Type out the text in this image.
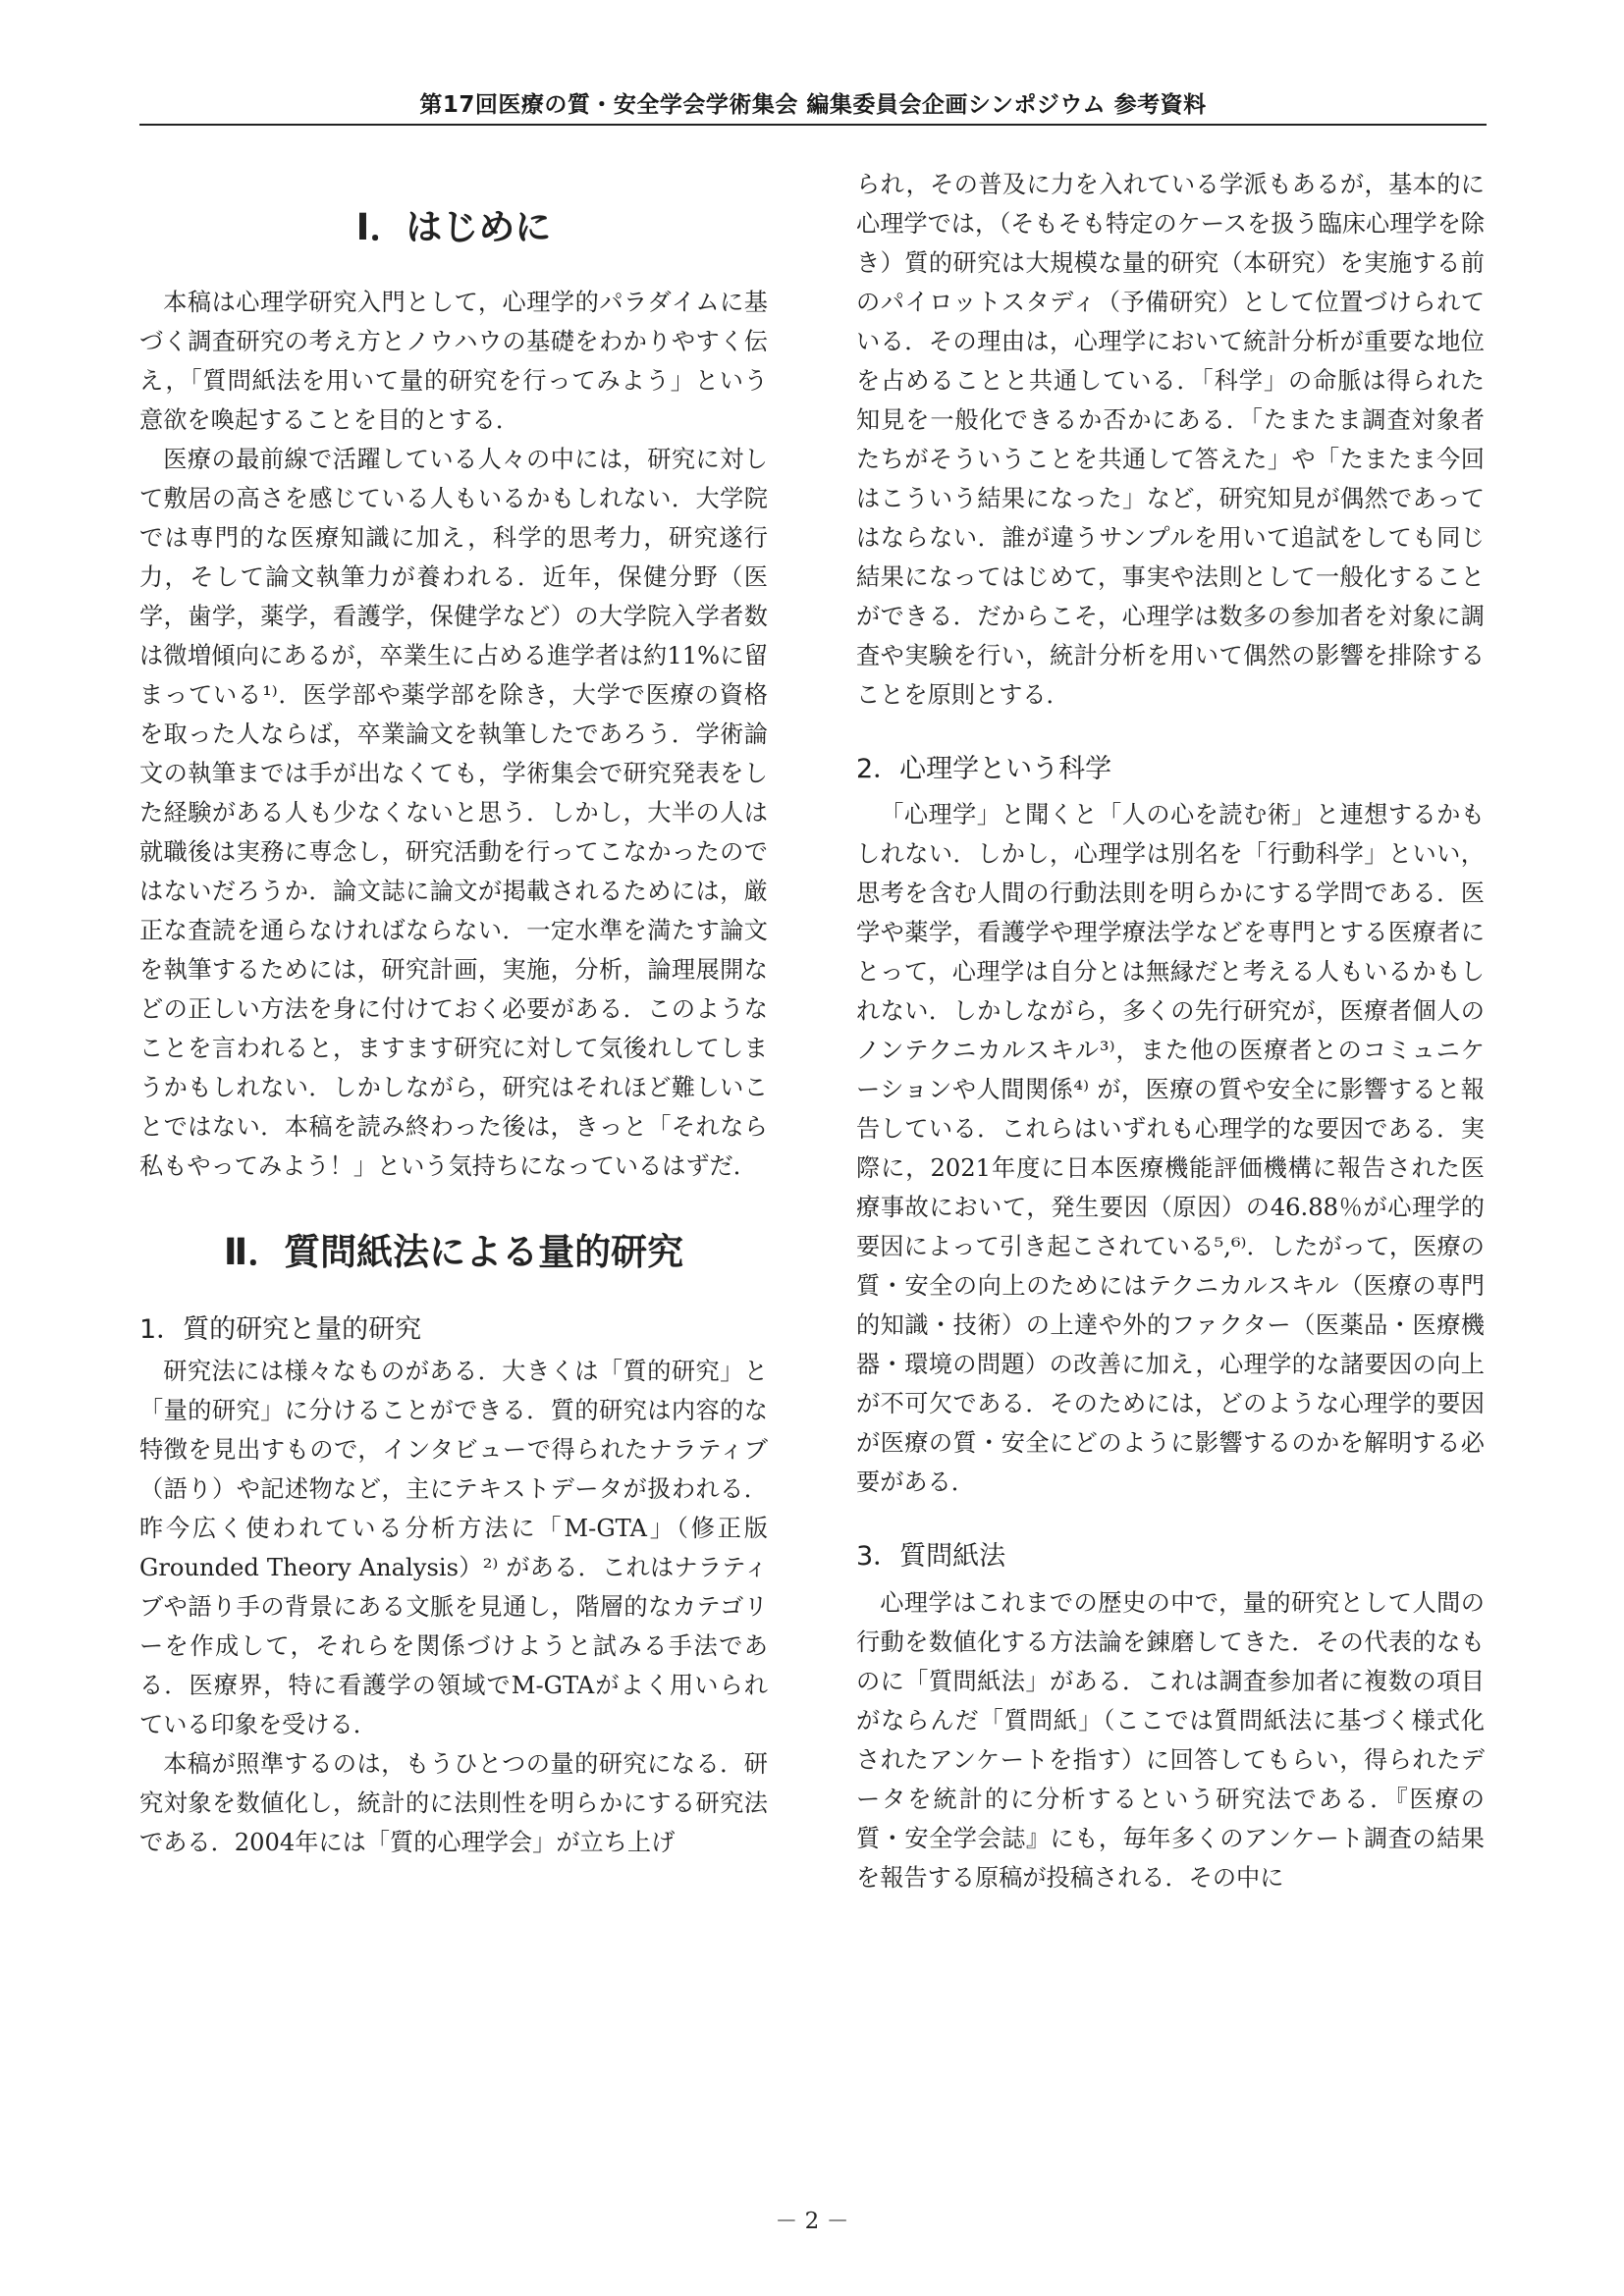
第17回医療の質・安全学会学術集会 編集委員会企画シンポジウム 参考資料
Ⅰ．はじめに

本稿は心理学研究入門として，心理学的パラダイムに基づく調査研究の考え方とノウハウの基礎をわかりやすく伝え，「質問紙法を用いて量的研究を行ってみよう」という意欲を喚起することを目的とする．

医療の最前線で活躍している人々の中には，研究に対して敷居の高さを感じている人もいるかもしれない．大学院では専門的な医療知識に加え，科学的思考力，研究遂行力，そして論文執筆力が養われる．近年，保健分野（医学，歯学，薬学，看護学，保健学など）の大学院入学者数は微増傾向にあるが，卒業生に占める進学者は約11%に留まっている¹⁾．医学部や薬学部を除き，大学で医療の資格を取った人ならば，卒業論文を執筆したであろう．学術論文の執筆までは手が出なくても，学術集会で研究発表をした経験がある人も少なくないと思う．しかし，大半の人は就職後は実務に専念し，研究活動を行ってこなかったのではないだろうか．論文誌に論文が掲載されるためには，厳正な査読を通らなければならない．一定水準を満たす論文を執筆するためには，研究計画，実施，分析，論理展開などの正しい方法を身に付けておく必要がある．このようなことを言われると，ますます研究に対して気後れしてしまうかもしれない．しかしながら，研究はそれほど難しいことではない．本稿を読み終わった後は，きっと「それなら私もやってみよう！」という気持ちになっているはずだ．

Ⅱ．質問紙法による量的研究
1．質的研究と量的研究

研究法には様々なものがある．大きくは「質的研究」と「量的研究」に分けることができる．質的研究は内容的な特徴を見出すもので，インタビューで得られたナラティブ（語り）や記述物など，主にテキストデータが扱われる．昨今広く使われている分析方法に「M-GTA」（修正版Grounded Theory Analysis）²⁾ がある．これはナラティブや語り手の背景にある文脈を見通し，階層的なカテゴリーを作成して，それらを関係づけようと試みる手法である．医療界，特に看護学の領域でM-GTAがよく用いられている印象を受ける．

本稿が照準するのは，もうひとつの量的研究になる．研究対象を数値化し，統計的に法則性を明らかにする研究法である．2004年には「質的心理学会」が立ち上げ

られ，その普及に力を入れている学派もあるが，基本的に心理学では，（そもそも特定のケースを扱う臨床心理学を除き）質的研究は大規模な量的研究（本研究）を実施する前のパイロットスタディ（予備研究）として位置づけられている．その理由は，心理学において統計分析が重要な地位を占めることと共通している．「科学」の命脈は得られた知見を一般化できるか否かにある．「たまたま調査対象者たちがそういうことを共通して答えた」や「たまたま今回はこういう結果になった」など，研究知見が偶然であってはならない．誰が違うサンプルを用いて追試をしても同じ結果になってはじめて，事実や法則として一般化することができる．だからこそ，心理学は数多の参加者を対象に調査や実験を行い，統計分析を用いて偶然の影響を排除することを原則とする．

2．心理学という科学

「心理学」と聞くと「人の心を読む術」と連想するかもしれない．しかし，心理学は別名を「行動科学」といい，思考を含む人間の行動法則を明らかにする学問である．医学や薬学，看護学や理学療法学などを専門とする医療者にとって，心理学は自分とは無縁だと考える人もいるかもしれない．しかしながら，多くの先行研究が，医療者個人のノンテクニカルスキル³⁾，また他の医療者とのコミュニケーションや人間関係⁴⁾ が，医療の質や安全に影響すると報告している．これらはいずれも心理学的な要因である．実際に，2021年度に日本医療機能評価機構に報告された医療事故において，発生要因（原因）の46.88％が心理学的要因によって引き起こされている⁵,⁶⁾．したがって，医療の質・安全の向上のためにはテクニカルスキル（医療の専門的知識・技術）の上達や外的ファクター（医薬品・医療機器・環境の問題）の改善に加え，心理学的な諸要因の向上が不可欠である．そのためには，どのような心理学的要因が医療の質・安全にどのように影響するのかを解明する必要がある．

3．質問紙法

心理学はこれまでの歴史の中で，量的研究として人間の行動を数値化する方法論を錬磨してきた．その代表的なものに「質問紙法」がある．これは調査参加者に複数の項目がならんだ「質問紙」（ここでは質問紙法に基づく様式化されたアンケートを指す）に回答してもらい，得られたデータを統計的に分析するという研究法である．『医療の質・安全学会誌』にも，毎年多くのアンケート調査の結果を報告する原稿が投稿される．その中に

－ 2 －
